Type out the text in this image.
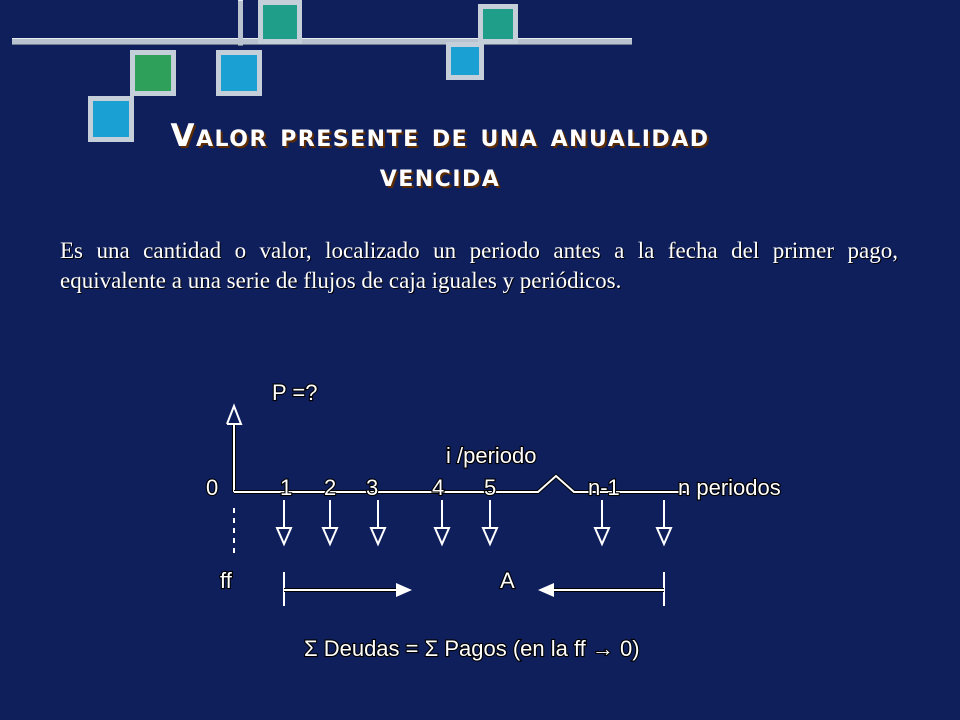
Valor presente de una anualidad
vencida
Es una cantidad o valor, localizado un periodo antes a la fecha del primer pago, equivalente a una serie de flujos de caja iguales y periódicos.
P =?
i /periodo
0	1 2 3 4 5	n-1	n periodos
ff	A
Σ Deudas = Σ Pagos (en la ff → 0)
